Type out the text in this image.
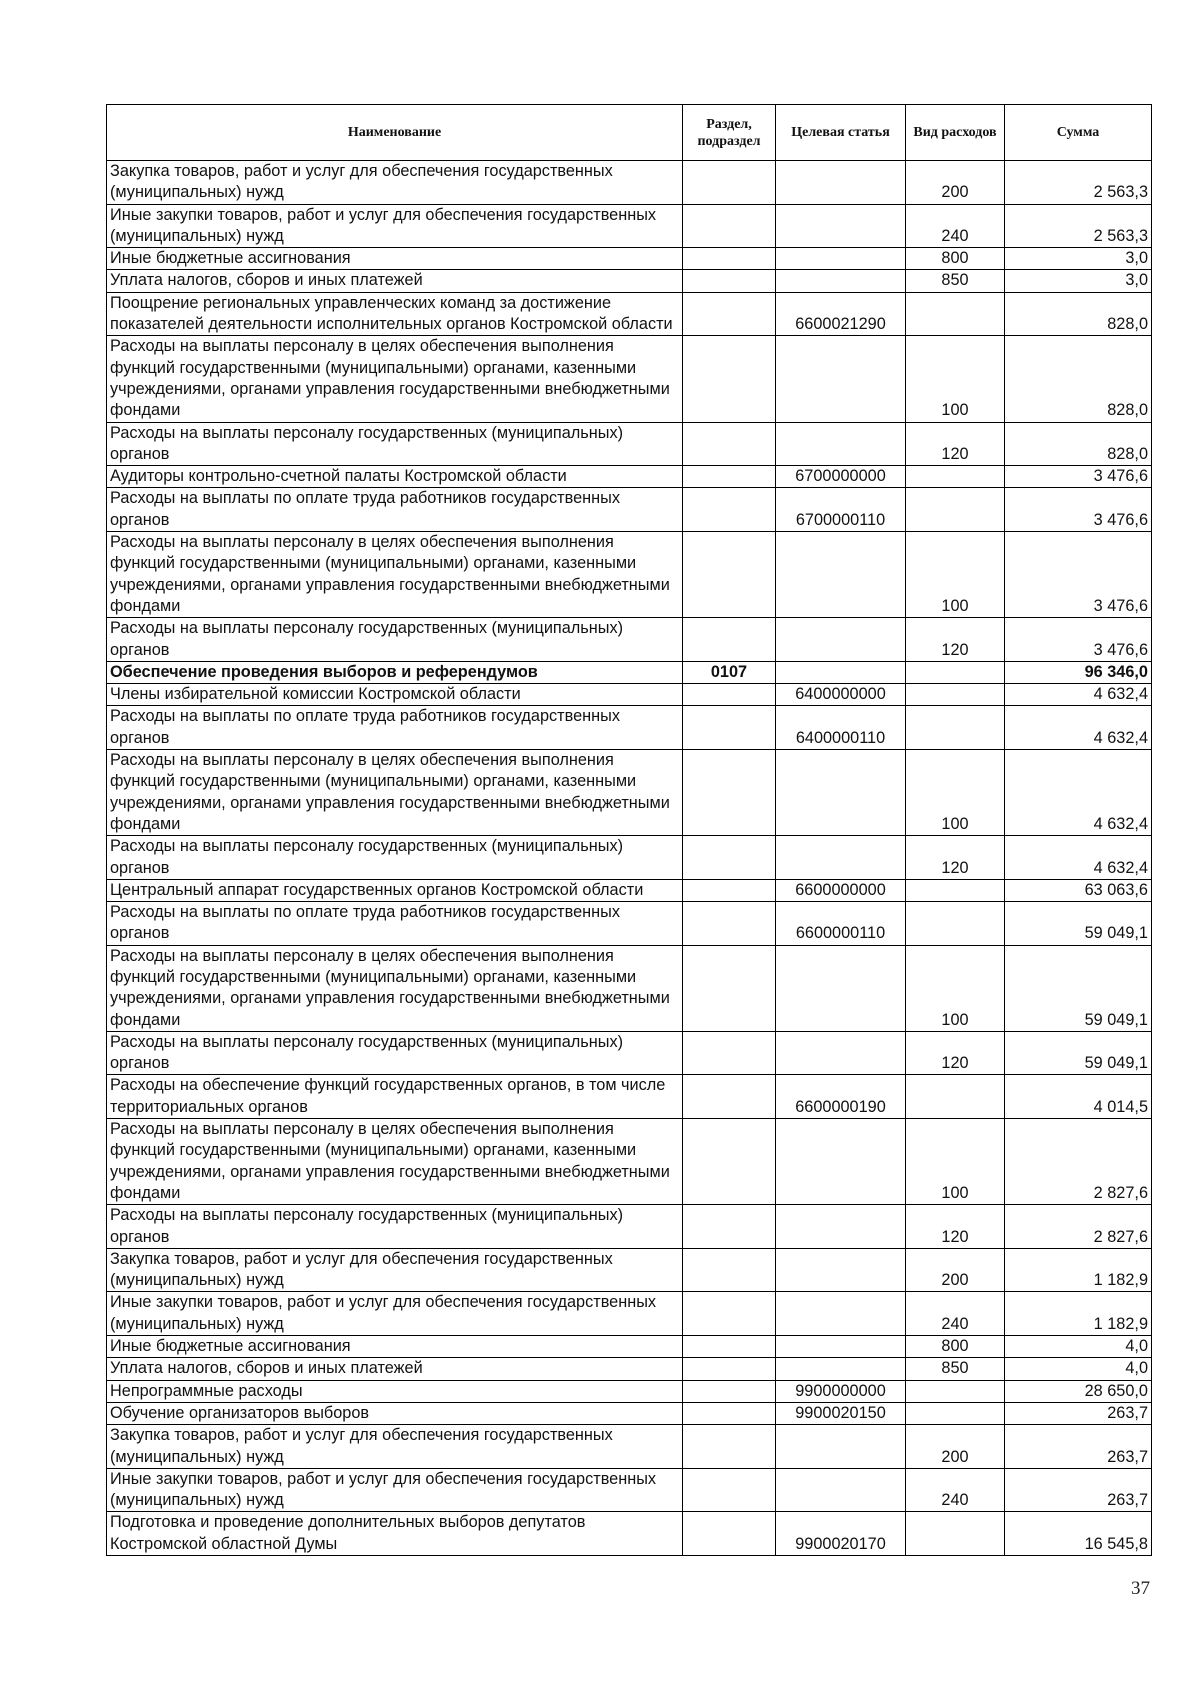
Наименование	Раздел, подраздел	Целевая статья	Вид расходов	Сумма
Закупка товаров, работ и услуг для обеспечения государственных (муниципальных) нужд			200	2 563,3
Иные закупки товаров, работ и услуг для обеспечения государственных (муниципальных) нужд			240	2 563,3
Иные бюджетные ассигнования			800	3,0
Уплата налогов, сборов и иных платежей			850	3,0
Поощрение региональных управленческих команд за достижение показателей деятельности исполнительных органов Костромской области		6600021290		828,0
Расходы на выплаты персоналу в целях обеспечения выполнения функций государственными (муниципальными) органами, казенными учреждениями, органами управления государственными внебюджетными фондами			100	828,0
Расходы на выплаты персоналу государственных (муниципальных) органов			120	828,0
Аудиторы контрольно-счетной палаты Костромской области		6700000000		3 476,6
Расходы на выплаты по оплате труда работников государственных органов		6700000110		3 476,6
Расходы на выплаты персоналу в целях обеспечения выполнения функций государственными (муниципальными) органами, казенными учреждениями, органами управления государственными внебюджетными фондами			100	3 476,6
Расходы на выплаты персоналу государственных (муниципальных) органов			120	3 476,6
Обеспечение проведения выборов и референдумов	0107			96 346,0
Члены избирательной комиссии Костромской области		6400000000		4 632,4
Расходы на выплаты по оплате труда работников государственных органов		6400000110		4 632,4
Расходы на выплаты персоналу в целях обеспечения выполнения функций государственными (муниципальными) органами, казенными учреждениями, органами управления государственными внебюджетными фондами			100	4 632,4
Расходы на выплаты персоналу государственных (муниципальных) органов			120	4 632,4
Центральный аппарат государственных органов Костромской области		6600000000		63 063,6
Расходы на выплаты по оплате труда работников государственных органов		6600000110		59 049,1
Расходы на выплаты персоналу в целях обеспечения выполнения функций государственными (муниципальными) органами, казенными учреждениями, органами управления государственными внебюджетными фондами			100	59 049,1
Расходы на выплаты персоналу государственных (муниципальных) органов			120	59 049,1
Расходы на обеспечение функций государственных органов, в том числе территориальных органов		6600000190		4 014,5
Расходы на выплаты персоналу в целях обеспечения выполнения функций государственными (муниципальными) органами, казенными учреждениями, органами управления государственными внебюджетными фондами			100	2 827,6
Расходы на выплаты персоналу государственных (муниципальных) органов			120	2 827,6
Закупка товаров, работ и услуг для обеспечения государственных (муниципальных) нужд			200	1 182,9
Иные закупки товаров, работ и услуг для обеспечения государственных (муниципальных) нужд			240	1 182,9
Иные бюджетные ассигнования			800	4,0
Уплата налогов, сборов и иных платежей			850	4,0
Непрограммные расходы		9900000000		28 650,0
Обучение организаторов выборов		9900020150		263,7
Закупка товаров, работ и услуг для обеспечения государственных (муниципальных) нужд			200	263,7
Иные закупки товаров, работ и услуг для обеспечения государственных (муниципальных) нужд			240	263,7
Подготовка и проведение дополнительных выборов депутатов Костромской областной Думы		9900020170		16 545,8
37
